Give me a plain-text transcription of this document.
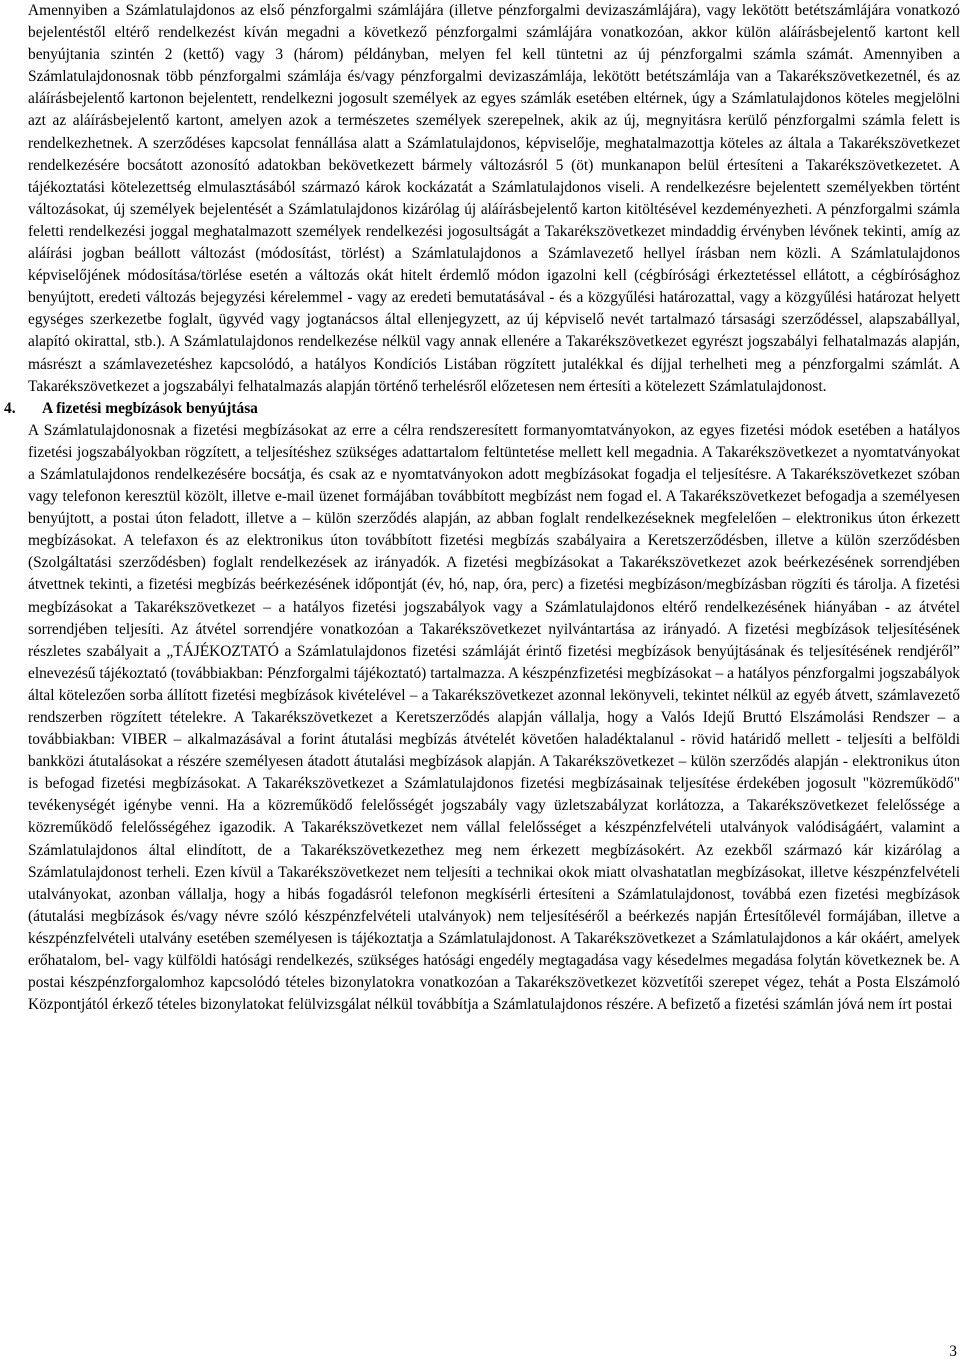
Amennyiben a Számlatulajdonos az első pénzforgalmi számlájára (illetve pénzforgalmi devizaszámlájára), vagy lekötött betétszámlájára vonatkozó bejelentéstől eltérő rendelkezést kíván megadni a következő pénzforgalmi számlájára vonatkozóan, akkor külön aláírásbejelentő kartont kell benyújtania szintén 2 (kettő) vagy 3 (három) példányban, melyen fel kell tüntetni az új pénzforgalmi számla számát. Amennyiben a Számlatulajdonosnak több pénzforgalmi számlája és/vagy pénzforgalmi devizaszámlája, lekötött betétszámlája van a Takarékszövetkezetnél, és az aláírásbejelentő kartonon bejelentett, rendelkezni jogosult személyek az egyes számlák esetében eltérnek, úgy a Számlatulajdonos köteles megjelölni azt az aláírásbejelentő kartont, amelyen azok a természetes személyek szerepelnek, akik az új, megnyitásra kerülő pénzforgalmi számla felett is rendelkezhetnek. A szerződéses kapcsolat fennállása alatt a Számlatulajdonos, képviselője, meghatalmazottja köteles az általa a Takarékszövetkezet rendelkezésére bocsátott azonosító adatokban bekövetkezett bármely változásról 5 (öt) munkanapon belül értesíteni a Takarékszövetkezetet. A tájékoztatási kötelezettség elmulasztásából származó károk kockázatát a Számlatulajdonos viseli. A rendelkezésre bejelentett személyekben történt változásokat, új személyek bejelentését a Számlatulajdonos kizárólag új aláírásbejelentő karton kitöltésével kezdeményezheti. A pénzforgalmi számla feletti rendelkezési joggal meghatalmazott személyek rendelkezési jogosultságát a Takarékszövetkezet mindaddig érvényben lévőnek tekinti, amíg az aláírási jogban beállott változást (módosítást, törlést) a Számlatulajdonos a Számlavezető hellyel írásban nem közli. A Számlatulajdonos képviselőjének módosítása/törlése esetén a változás okát hitelt érdemlő módon igazolni kell (cégbírósági érkeztetéssel ellátott, a cégbírósághoz benyújtott, eredeti változás bejegyzési kérelemmel - vagy az eredeti bemutatásával - és a közgyűlési határozattal, vagy a közgyűlési határozat helyett egységes szerkezetbe foglalt, ügyvéd vagy jogtanácsos által ellenjegyzett, az új képviselő nevét tartalmazó társasági szerződéssel, alapszabállyal, alapító okirattal, stb.). A Számlatulajdonos rendelkezése nélkül vagy annak ellenére a Takarékszövetkezet egyrészt jogszabályi felhatalmazás alapján, másrészt a számlavezetéshez kapcsolódó, a hatályos Kondíciós Listában rögzített jutalékkal és díjjal terhelheti meg a pénzforgalmi számlát. A Takarékszövetkezet a jogszabályi felhatalmazás alapján történő terhelésről előzetesen nem értesíti a kötelezett Számlatulajdonost.

4.	A fizetési megbízások benyújtása

A Számlatulajdonosnak a fizetési megbízásokat az erre a célra rendszeresített formanyomtatványokon, az egyes fizetési módok esetében a hatályos fizetési jogszabályokban rögzített, a teljesítéshez szükséges adattartalom feltüntetése mellett kell megadnia. A Takarékszövetkezet a nyomtatványokat a Számlatulajdonos rendelkezésére bocsátja, és csak az e nyomtatványokon adott megbízásokat fogadja el teljesítésre. A Takarékszövetkezet szóban vagy telefonon keresztül közölt, illetve e-mail üzenet formájában továbbított megbízást nem fogad el. A Takarékszövetkezet befogadja a személyesen benyújtott, a postai úton feladott, illetve a – külön szerződés alapján, az abban foglalt rendelkezéseknek megfelelően – elektronikus úton érkezett megbízásokat. A telefaxon és az elektronikus úton továbbított fizetési megbízás szabályaira a Keretszerződésben, illetve a külön szerződésben (Szolgáltatási szerződésben) foglalt rendelkezések az irányadók. A fizetési megbízásokat a Takarékszövetkezet azok beérkezésének sorrendjében átvettnek tekinti, a fizetési megbízás beérkezésének időpontját (év, hó, nap, óra, perc) a fizetési megbízáson/megbízásban rögzíti és tárolja. A fizetési megbízásokat a Takarékszövetkezet – a hatályos fizetési jogszabályok vagy a Számlatulajdonos eltérő rendelkezésének hiányában - az átvétel sorrendjében teljesíti. Az átvétel sorrendjére vonatkozóan a Takarékszövetkezet nyilvántartása az irányadó. A fizetési megbízások teljesítésének részletes szabályait a „TÁJÉKOZTATÓ a Számlatulajdonos fizetési számláját érintő fizetési megbízások benyújtásának és teljesítésének rendjéről” elnevezésű tájékoztató (továbbiakban: Pénzforgalmi tájékoztató) tartalmazza. A készpénzfizetési megbízásokat – a hatályos pénzforgalmi jogszabályok által kötelezően sorba állított fizetési megbízások kivételével – a Takarékszövetkezet azonnal lekönyveli, tekintet nélkül az egyéb átvett, számlavezető rendszerben rögzített tételekre. A Takarékszövetkezet a Keretszerződés alapján vállalja, hogy a Valós Idejű Bruttó Elszámolási Rendszer – a továbbiakban: VIBER – alkalmazásával a forint átutalási megbízás átvételét követően haladéktalanul - rövid határidő mellett - teljesíti a belföldi bankközi átutalásokat a részére személyesen átadott átutalási megbízások alapján. A Takarékszövetkezet – külön szerződés alapján - elektronikus úton is befogad fizetési megbízásokat. A Takarékszövetkezet a Számlatulajdonos fizetési megbízásainak teljesítése érdekében jogosult "közreműködő" tevékenységét igénybe venni. Ha a közreműködő felelősségét jogszabály vagy üzletszabályzat korlátozza, a Takarékszövetkezet felelőssége a közreműködő felelősségéhez igazodik. A Takarékszövetkezet nem vállal felelősséget a készpénzfelvételi utalványok valódiságáért, valamint a Számlatulajdonos által elindított, de a Takarékszövetkezethez meg nem érkezett megbízásokért. Az ezekből származó kár kizárólag a Számlatulajdonost terheli. Ezen kívül a Takarékszövetkezet nem teljesíti a technikai okok miatt olvashatatlan megbízásokat, illetve készpénzfelvételi utalványokat, azonban vállalja, hogy a hibás fogadásról telefonon megkísérli értesíteni a Számlatulajdonost, továbbá ezen fizetési megbízások (átutalási megbízások és/vagy névre szóló készpénzfelvételi utalványok) nem teljesítéséről a beérkezés napján Értesítőlevél formájában, illetve a készpénzfelvételi utalvány esetében személyesen is tájékoztatja a Számlatulajdonost. A Takarékszövetkezet a Számlatulajdonos a kár okáért, amelyek erőhatalom, bel- vagy külföldi hatósági rendelkezés, szükséges hatósági engedély megtagadása vagy késedelmes megadása folytán következnek be. A postai készpénzforgalomhoz kapcsolódó tételes bizonylatokra vonatkozóan a Takarékszövetkezet közvetítői szerepet végez, tehát a Posta Elszámoló Központjától érkező tételes bizonylatokat felülvizsgálat nélkül továbbítja a Számlatulajdonos részére. A befizető a fizetési számlán jóvá nem írt postai

3
